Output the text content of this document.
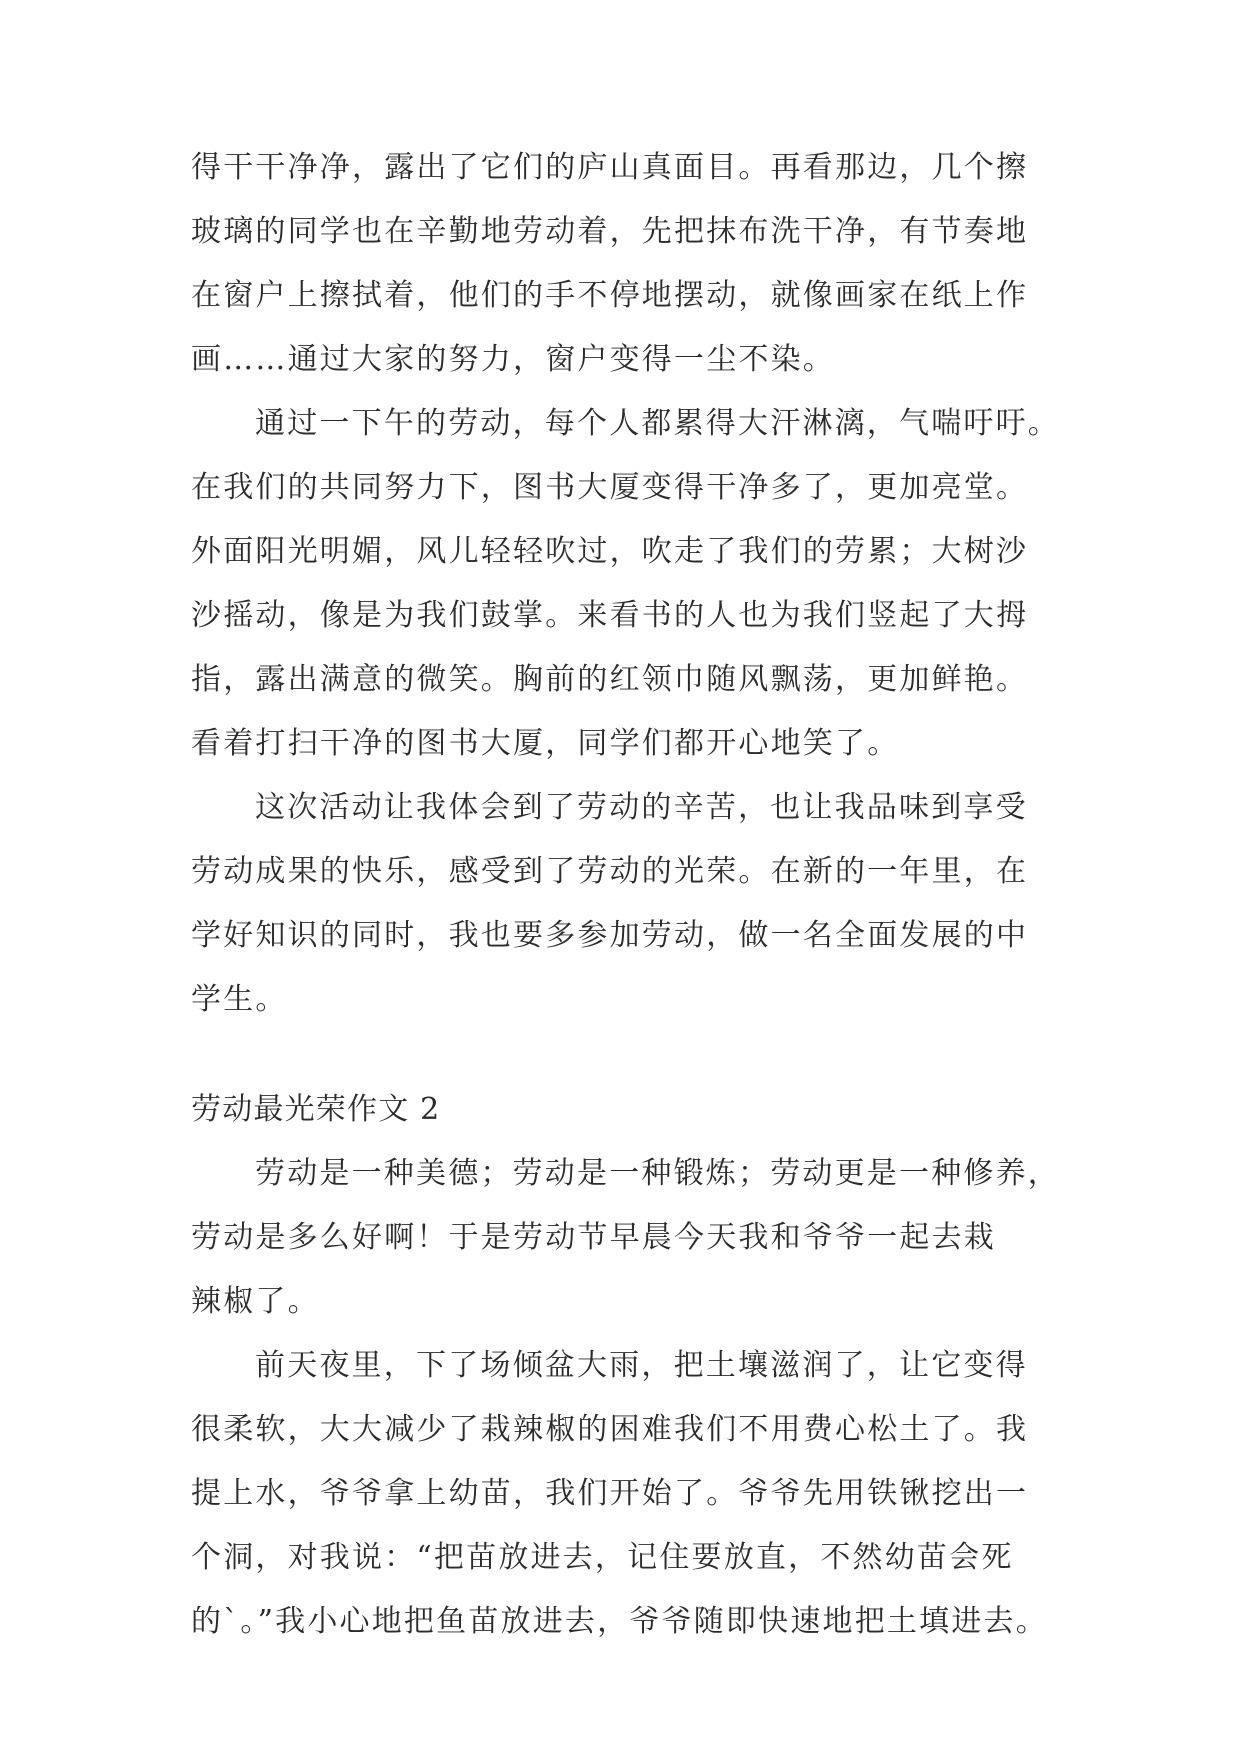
得干干净净，露出了它们的庐山真面目。再看那边，几个擦

玻璃的同学也在辛勤地劳动着，先把抹布洗干净，有节奏地

在窗户上擦拭着，他们的手不停地摆动，就像画家在纸上作

画……通过大家的努力，窗户变得一尘不染。

通过一下午的劳动，每个人都累得大汗淋漓，气喘吁吁。

在我们的共同努力下，图书大厦变得干净多了，更加亮堂。

外面阳光明媚，风儿轻轻吹过，吹走了我们的劳累；大树沙

沙摇动，像是为我们鼓掌。来看书的人也为我们竖起了大拇

指，露出满意的微笑。胸前的红领巾随风飘荡，更加鲜艳。

看着打扫干净的图书大厦，同学们都开心地笑了。

这次活动让我体会到了劳动的辛苦，也让我品味到享受

劳动成果的快乐，感受到了劳动的光荣。在新的一年里，在

学好知识的同时，我也要多参加劳动，做一名全面发展的中

学生。

劳动最光荣作文 2

劳动是一种美德；劳动是一种锻炼；劳动更是一种修养，

劳动是多么好啊！于是劳动节早晨今天我和爷爷一起去栽

辣椒了。

前天夜里，下了场倾盆大雨，把土壤滋润了，让它变得

很柔软，大大减少了栽辣椒的困难我们不用费心松土了。我

提上水，爷爷拿上幼苗，我们开始了。爷爷先用铁锹挖出一

个洞，对我说：“把苗放进去，记住要放直，不然幼苗会死

的`。”我小心地把鱼苗放进去，爷爷随即快速地把土填进去。
